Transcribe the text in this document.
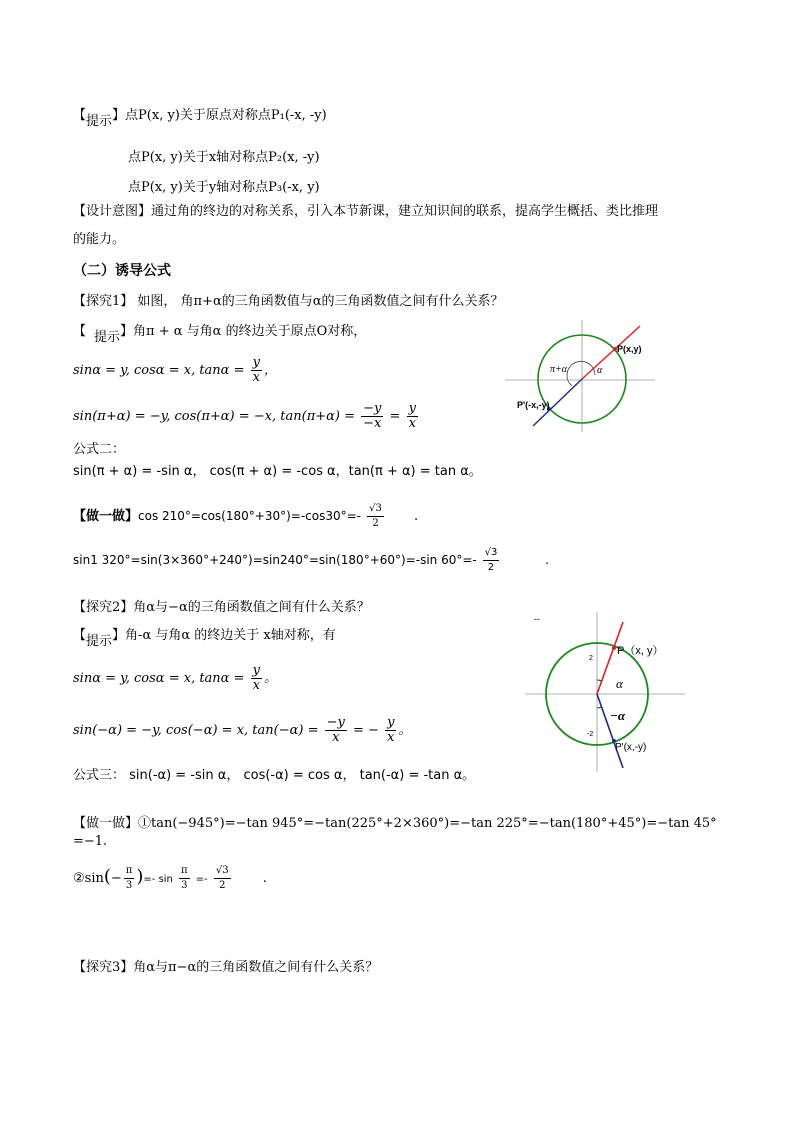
【提示】点P(x, y)关于原点对称点P₁(-x, -y)
点P(x, y)关于x轴对称点P₂(x, -y)
点P(x, y)关于y轴对称点P₃(-x, y)
【设计意图】通过角的终边的对称关系，引入本节新课，建立知识间的联系，提高学生概括、类比推理
的能力。
（二）诱导公式
【探究1】 如图， 角π+α的三角函数值与α的三角函数值之间有什么关系？
【 提示】角π + α 与角α 的终边关于原点O对称，
sinα = y, cosα = x, $\tan\alpha = \frac{y}{x}$ ，
sin(π+α) = −y, cos(π+α) = −x, $\tan(\pi+\alpha) = \frac{-y}{-x} = \frac{y}{x}$
公式二：
sin(π + α) = -sin α， cos(π + α) = -cos α，tan(π + α) = tan α。
【做一做】$\cos 210^\circ=\cos(180^\circ+30^\circ)=-\cos 30^\circ=- \frac{√3}{2}$ .
sin1 320°=sin(3×360°+240°)=sin240°=sin(180°+60°)=-sin $60^\circ=- \frac{√3}{2}$	.
P(x,y)
P'(-x,-y)
π+α	α
【探究2】角α与−α的三角函数值之间有什么关系？
【提示】角-α 与角α 的终边关于 x轴对称，有
sinα = y, cosα = x, $\tan\alpha = \frac{y}{x}$ 。
sin(−α) = −y, cos(−α) = x, $\tan(-\alpha) = \frac{-y}{x}$ = − $\frac{y}{x}$ 。
公式三： sin(-α) = -sin α， cos(-α) = cos α， tan(-α) = -tan α。
【做一做】①tan(−945°)=−tan 945°=−tan(225°+2×360°)=−tan 225°=−tan(180°+45°)=−tan 45°
=−1.
②sin(− $\frac{\pi}{3}$ )=- $\sin \frac{\pi}{3} =- \frac{√3}{2}$ .
--
2
-2
P（x, y）
P'(x,-y)
α
−α
【探究3】角α与π−α的三角函数值之间有什么关系？
